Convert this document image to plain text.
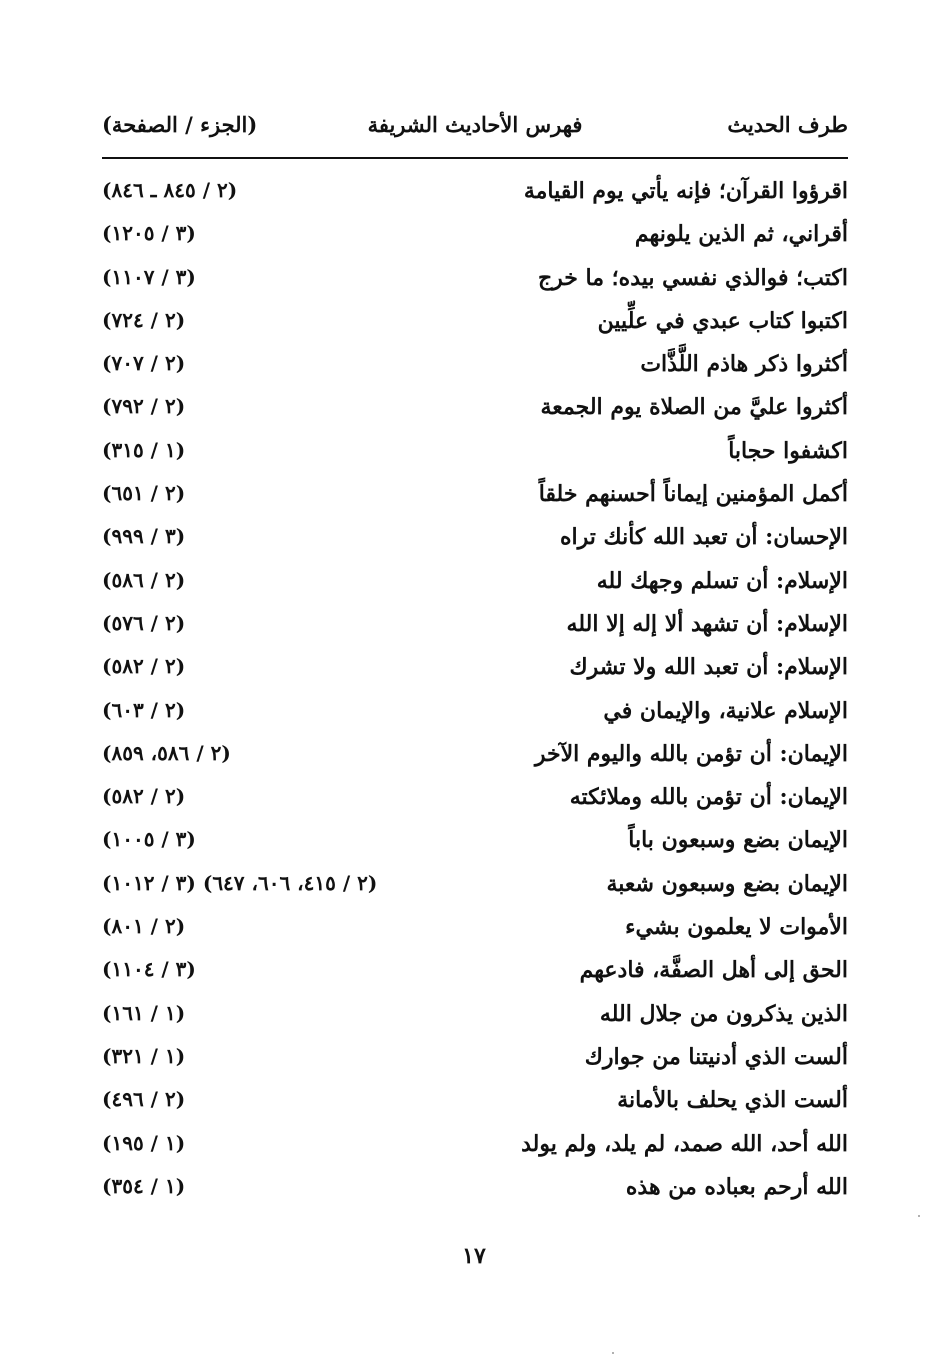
طرف الحديث
فهرس الأحاديث الشريفة
(الجزء / الصفحة)
اقرؤوا القرآن؛ فإنه يأتي يوم القيامة
(٢ / ٨٤٥ ـ ٨٤٦)
أقراني، ثم الذين يلونهم
(٣ / ١٢٠٥)
اكتب؛ فوالذي نفسي بيده؛ ما خرج
(٣ / ١١٠٧)
اكتبوا كتاب عبدي في علِّيين
(٢ / ٧٢٤)
أكثروا ذكر هاذم اللَّذَّات
(٢ / ٧٠٧)
أكثروا عليَّ من الصلاة يوم الجمعة
(٢ / ٧٩٢)
اكشفوا حجاباً
(١ / ٣١٥)
أكمل المؤمنين إيماناً أحسنهم خلقاً
(٢ / ٦٥١)
الإحسان: أن تعبد الله كأنك تراه
(٣ / ٩٩٩)
الإسلام: أن تسلم وجهك لله
(٢ / ٥٨٦)
الإسلام: أن تشهد ألا إله إلا الله
(٢ / ٥٧٦)
الإسلام: أن تعبد الله ولا تشرك
(٢ / ٥٨٢)
الإسلام علانية، والإيمان في
(٢ / ٦٠٣)
الإيمان: أن تؤمن بالله واليوم الآخر
(٢ / ٥٨٦، ٨٥٩)
الإيمان: أن تؤمن بالله وملائكته
(٢ / ٥٨٢)
الإيمان بضع وسبعون باباً
(٣ / ١٠٠٥)
الإيمان بضع وسبعون شعبة
(٢ / ٤١٥، ٦٠٦، ٦٤٧) (٣ / ١٠١٢)
الأموات لا يعلمون بشيء
(٢ / ٨٠١)
الحق إلى أهل الصفَّة، فادعهم
(٣ / ١١٠٤)
الذين يذكرون من جلال الله
(١ / ١٦١)
ألست الذي أدنيتنا من جوارك
(١ / ٣٢١)
ألست الذي يحلف بالأمانة
(٢ / ٤٩٦)
الله أحد، الله صمد، لم يلد، ولم يولد
(١ / ١٩٥)
الله أرحم بعباده من هذه
(١ / ٣٥٤)
١٧
